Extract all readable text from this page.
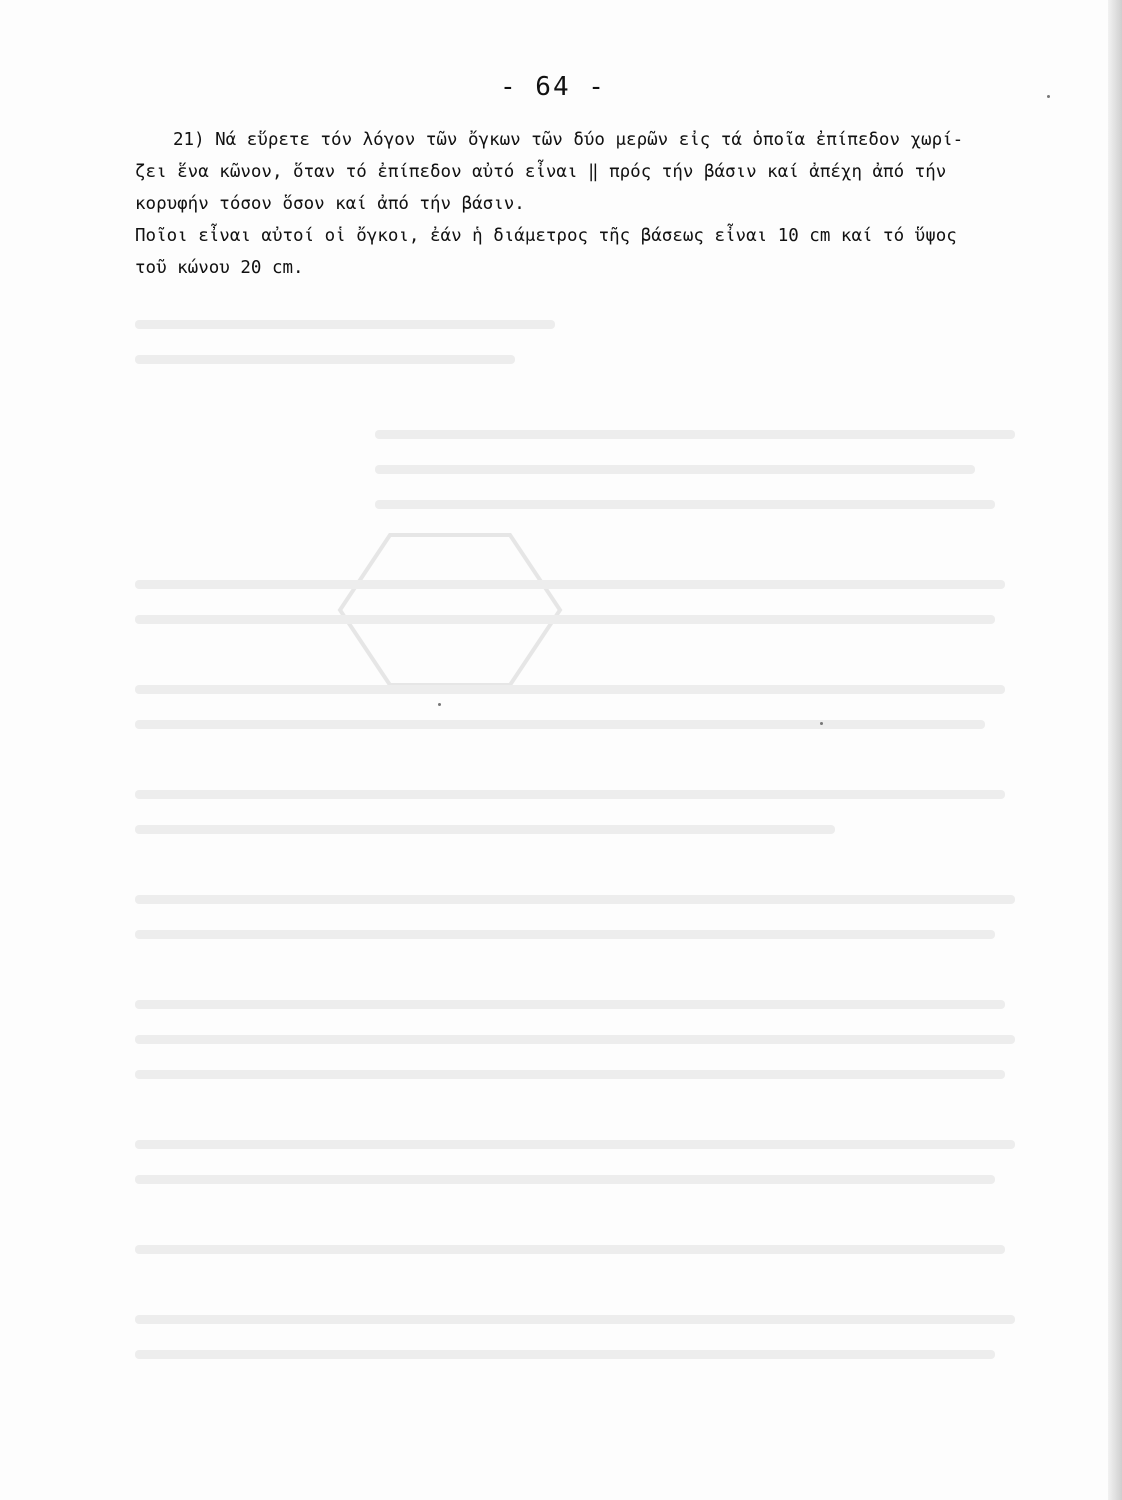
- 64 -
21) Νά εὕρετε τόν λόγον τῶν ὄγκων τῶν δύο μερῶν εἰς τά ὁποῖα ἐπίπεδον χωρί-
ζει ἕνα κῶνον, ὅταν τό ἐπίπεδον αὐτό εἶναι ‖ πρός τήν βάσιν καί ἀπέχη ἀπό τήν
κορυφήν τόσον ὅσον καί ἀπό τήν βάσιν.
Ποῖοι εἶναι αὐτοί οἱ ὄγκοι, ἐάν ἡ διάμετρος τῆς βάσεως εἶναι 10 cm καί τό ὕψος
τοῦ κώνου 20 cm.
